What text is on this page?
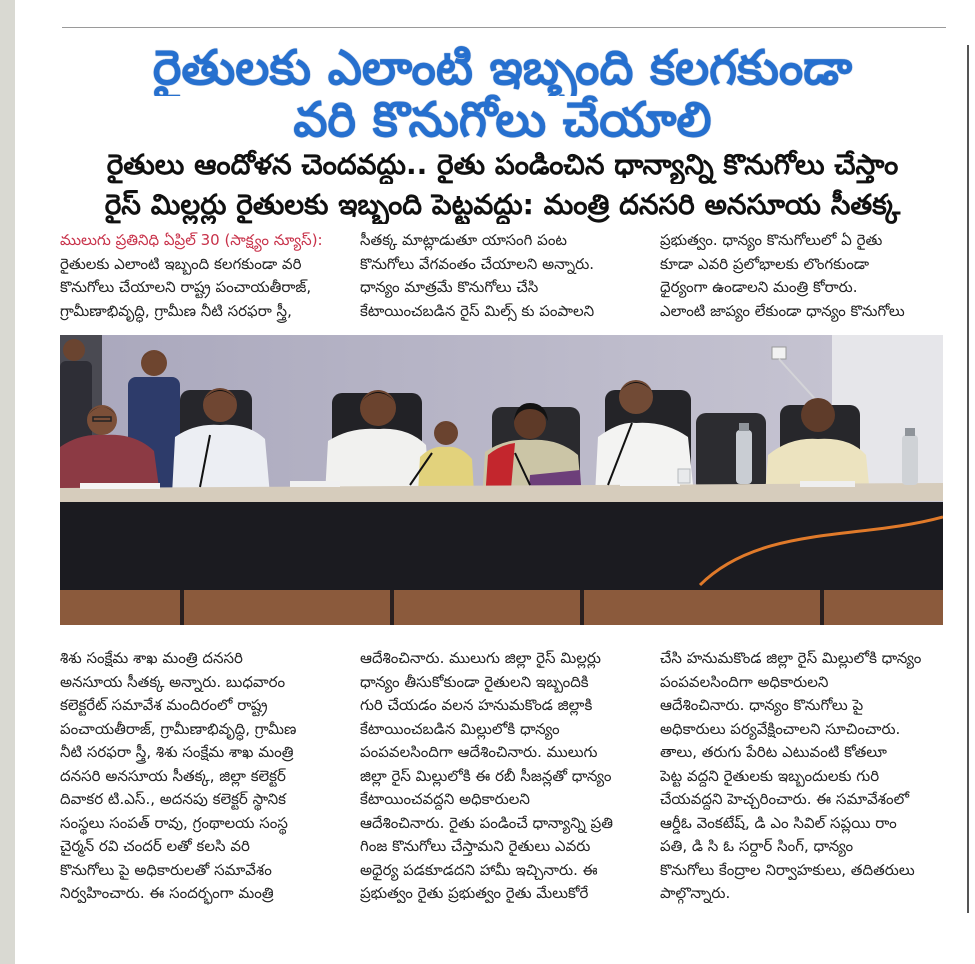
రైతులకు ఎలాంటి ఇబ్బంది కలగకుండా
వరి కొనుగోలు చేయాలి
రైతులు ఆందోళన చెందవద్దు.. రైతు పండించిన ధాన్యాన్ని కొనుగోలు చేస్తాం
రైస్ మిల్లర్లు రైతులకు ఇబ్బంది పెట్టవద్దు: మంత్రి దనసరి అనసూయ సీతక్క
ములుగు ప్రతినిధి ఏప్రిల్ 30 (సాక్ష్యం న్యూస్):
రైతులకు ఎలాంటి ఇబ్బంది కలగకుండా వరి
కొనుగోలు చేయాలని రాష్ట్ర పంచాయతీరాజ్,
గ్రామీణాభివృద్ధి, గ్రామీణ నీటి సరఫరా స్త్రీ,
సీతక్క మాట్లాడుతూ యాసంగి పంట
కొనుగోలు వేగవంతం చేయాలని అన్నారు.
ధాన్యం మాత్రమే కొనుగోలు చేసి
కేటాయించబడిన రైస్ మిల్స్ కు పంపాలని
ప్రభుత్వం. ధాన్యం కొనుగోలులో ఏ రైతు
కూడా ఎవరి ప్రలోభాలకు లొంగకుండా
ధైర్యంగా ఉండాలని మంత్రి కోరారు.
ఎలాంటి జాప్యం లేకుండా ధాన్యం కొనుగోలు
శిశు సంక్షేమ శాఖ మంత్రి దనసరి
అనసూయ సీతక్క అన్నారు. బుధవారం
కలెక్టరేట్ సమావేశ మందిరంలో రాష్ట్ర
పంచాయతీరాజ్, గ్రామీణాభివృద్ధి, గ్రామీణ
నీటి సరఫరా స్త్రీ, శిశు సంక్షేమ శాఖ మంత్రి
దనసరి అనసూయ సీతక్క, జిల్లా కలెక్టర్
దివాకర టి.ఎస్., అదనపు కలెక్టర్ స్థానిక
సంస్థలు సంపత్ రావు, గ్రంథాలయ సంస్థ
చైర్మన్ రవి చందర్ లతో కలసి వరి
కొనుగోలు పై అధికారులతో సమావేశం
నిర్వహించారు. ఈ సందర్భంగా మంత్రి
ఆదేశించినారు. ములుగు జిల్లా రైస్ మిల్లర్లు
ధాన్యం తీసుకోకుండా రైతులని ఇబ్బందికి
గురి చేయడం వలన హనుమకొండ జిల్లాకి
కేటాయించబడిన మిల్లులోకి ధాన్యం
పంపవలసిందిగా ఆదేశించినారు. ములుగు
జిల్లా రైస్ మిల్లులోకి ఈ రబీ సీజన్లతో ధాన్యం
కేటాయించవద్దని అధికారులని
ఆదేశించినారు. రైతు పండించే ధాన్యాన్ని ప్రతి
గింజ కొనుగోలు చేస్తామని రైతులు ఎవరు
అధైర్య పడకూడదని హామీ ఇచ్చినారు. ఈ
ప్రభుత్వం రైతు ప్రభుత్వం రైతు మేలుకోరే
చేసి హనుమకొండ జిల్లా రైస్ మిల్లులోకి ధాన్యం
పంపవలసిందిగా అధికారులని
ఆదేశించినారు. ధాన్యం కొనుగోలు పై
అధికారులు పర్యవేక్షించాలని సూచించారు.
తాలు, తరుగు పేరిట ఎటువంటి కోతలూ
పెట్ట వద్దని రైతులకు ఇబ్బందులకు గురి
చేయవద్దని హెచ్చరించారు. ఈ సమావేశంలో
ఆర్డీఓ వెంకటేష్, డి ఎం సివిల్ సప్లయి రాం
పతి, డి సి ఓ సర్దార్ సింగ్, ధాన్యం
కొనుగోలు కేంద్రాల నిర్వాహకులు, తదితరులు
పాల్గొన్నారు.
